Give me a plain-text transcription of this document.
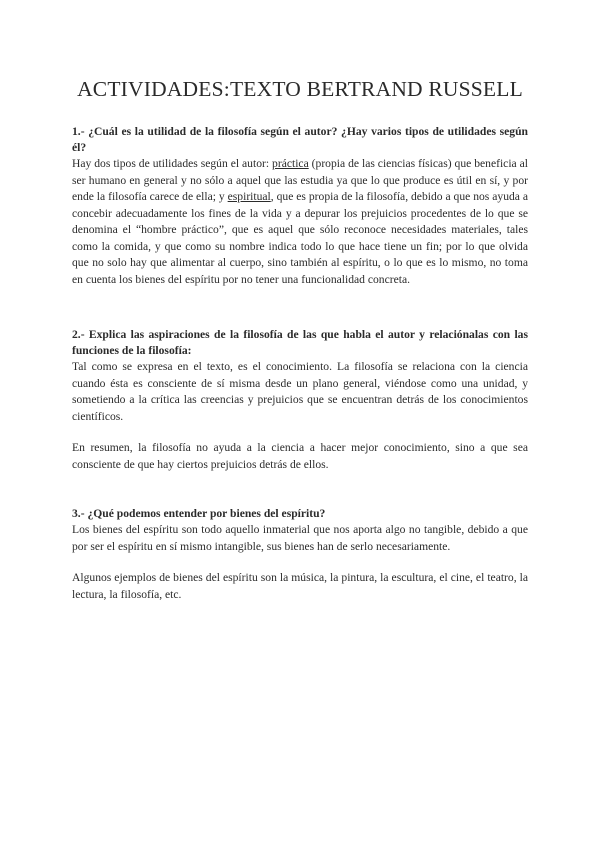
ACTIVIDADES:TEXTO BERTRAND RUSSELL

1.- ¿Cuál es la utilidad de la filosofía según el autor? ¿Hay varios tipos de utilidades según él?

Hay dos tipos de utilidades según el autor: práctica (propia de las ciencias físicas) que beneficia al ser humano en general y no sólo a aquel que las estudia ya que lo que produce es útil en sí, y por ende la filosofía carece de ella; y espiritual, que es propia de la filosofía, debido a que nos ayuda a concebir adecuadamente los fines de la vida y a depurar los prejuicios procedentes de lo que se denomina el “hombre práctico”, que es aquel que sólo reconoce necesidades materiales, tales como la comida, y que como su nombre indica todo lo que hace tiene un fin; por lo que olvida que no solo hay que alimentar al cuerpo, sino también al espíritu, o lo que es lo mismo, no toma en cuenta los bienes del espíritu por no tener una funcionalidad concreta.

2.- Explica las aspiraciones de la filosofía de las que habla el autor y relaciónalas con las funciones de la filosofía:

Tal como se expresa en el texto, es el conocimiento. La filosofía se relaciona con la ciencia cuando ésta es consciente de sí misma desde un plano general, viéndose como una unidad, y sometiendo a la crítica las creencias y prejuicios que se encuentran detrás de los conocimientos científicos.

En resumen, la filosofía no ayuda a la ciencia a hacer mejor conocimiento, sino a que sea consciente de que hay ciertos prejuicios detrás de ellos.

3.- ¿Qué podemos entender por bienes del espíritu?

Los bienes del espíritu son todo aquello inmaterial que nos aporta algo no tangible, debido a que por ser el espíritu en sí mismo intangible, sus bienes han de serlo necesariamente.

Algunos ejemplos de bienes del espíritu son la música, la pintura, la escultura, el cine, el teatro, la lectura, la filosofía, etc.
